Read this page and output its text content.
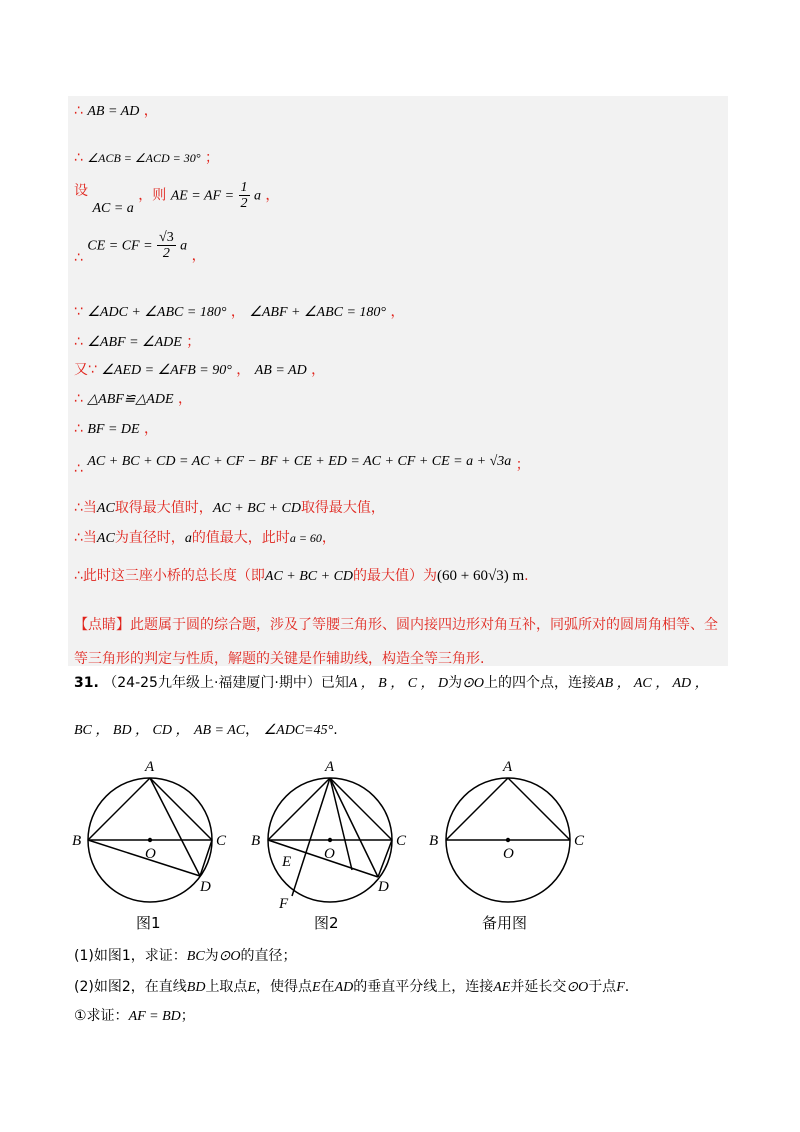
∴ AB = AD ，
∴ ∠ACB = ∠ACD = 30° ；
设 AC = a ，则 AE = AF = $\frac{1}{2}$ a ，
∴ CE = CF = $\frac{√3}{2}$ a ，
∵ ∠ADC + ∠ABC = 180° ， ∠ABF + ∠ABC = 180° ，
∴ ∠ABF = ∠ADE ；
又∵ ∠AED = ∠AFB = 90° ， AB = AD ，
∴ △ABF≌△ADE ，
∴ BF = DE ，
∴ AC + BC + CD = AC + CF − BF + CE + ED = AC + CF + CE = a + √3a ；
∴当AC取得最大值时，AC + BC + CD取得最大值，
∴当AC为直径时，a的值最大，此时a = 60，
∴此时这三座小桥的总长度（即AC + BC + CD的最大值）为(60 + 60√3) m.
【点睛】此题属于圆的综合题，涉及了等腰三角形、圆内接四边形对角互补，同弧所对的圆周角相等、全等三角形的判定与性质，解题的关键是作辅助线，构造全等三角形.
31. （24-25九年级上·福建厦门·期中）已知A ， B ， C ， D为⊙O上的四个点，连接AB ， AC ， AD ，
BC ， BD ， CD ， AB = AC， ∠ADC=45°.
A
B	C
D
O
A
B	C
D
O
E
F
A
B	C
O
图1	图2	备用图
(1)如图1，求证：BC为⊙O的直径；
(2)如图2，在直线BD上取点E，使得点E在AD的垂直平分线上，连接AE并延长交⊙O于点F.
①求证：AF = BD；
